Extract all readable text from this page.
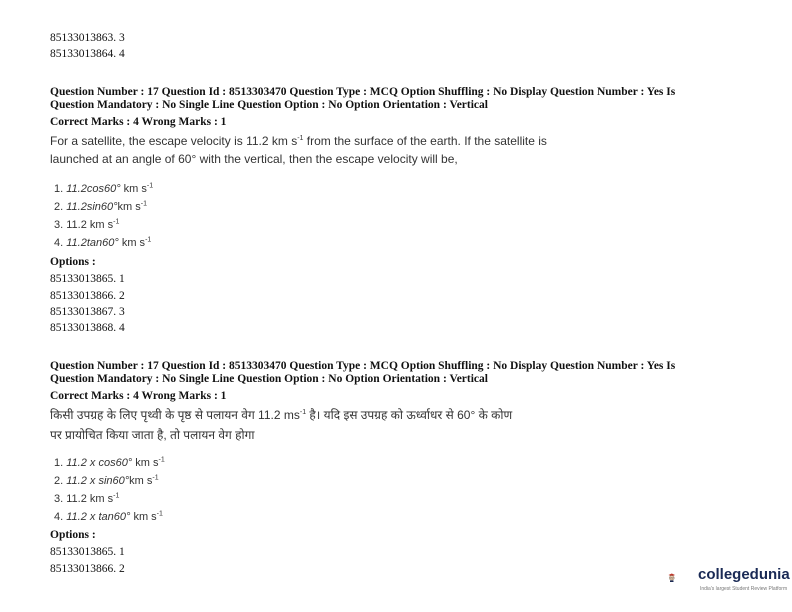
85133013863. 3
85133013864. 4
Question Number : 17 Question Id : 8513303470 Question Type : MCQ Option Shuffling : No Display Question Number : Yes Is
Question Mandatory : No Single Line Question Option : No Option Orientation : Vertical
Correct Marks : 4 Wrong Marks : 1
For a satellite, the escape velocity is 11.2 km $s^{-1}$ from the surface of the earth. If the satellite is
launched at an angle of 60° with the vertical, then the escape velocity will be,
1. 11.2cos60° km $s^{-1}$
2. 11.2sin60°km $s^{-1}$
3. 11.2 km $s^{-1}$
4. 11.2tan60° km $s^{-1}$
Options :
85133013865. 1
85133013866. 2
85133013867. 3
85133013868. 4
Question Number : 17 Question Id : 8513303470 Question Type : MCQ Option Shuffling : No Display Question Number : Yes Is
Question Mandatory : No Single Line Question Option : No Option Orientation : Vertical
Correct Marks : 4 Wrong Marks : 1
किसी उपग्रह के लिए पृथ्वी के पृष्ठ से पलायन वेग 11.2 $ms^{-1}$ है। यदि इस उपग्रह को ऊर्ध्वाधर से 60° के कोण
पर प्रायोचित किया जाता है, तो पलायन वेग होगा
1. 11.2 x cos60° km $s^{-1}$
2. 11.2 x sin60°km $s^{-1}$
3. 11.2 km $s^{-1}$
4. 11.2 x tan60° km $s^{-1}$
Options :
85133013865. 1
85133013866. 2	collegedunia
India's largest Student Review Platform
